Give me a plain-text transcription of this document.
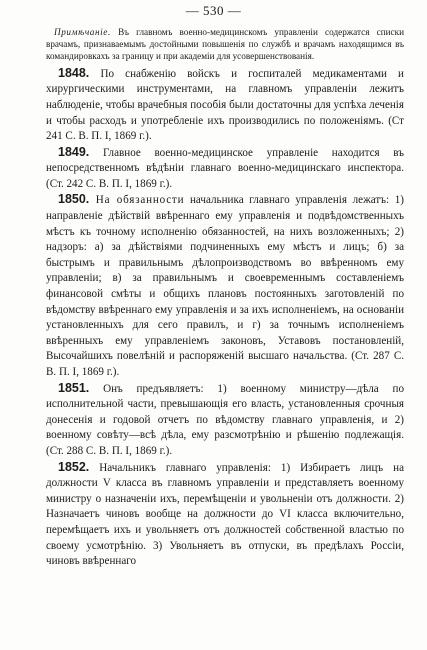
— 530 —

Примѣчаніе. Въ главномъ военно-медицинскомъ управленіи содержатся списки врачамъ, признаваемымъ достойными повышенія по службѣ и врачамъ находящимся въ командировкахъ за границу и при академіи для усовершенствованія.

1848. По снабженію войскъ и госпиталей медикаментами и хирургическими инструментами, на главномъ управленіи лежитъ наблюденіе, чтобы врачебныя пособія были достаточны для успѣха леченія и чтобы расходъ и употребленіе ихъ производились по положеніямъ. (Ст 241 С. В. П. I, 1869 г.).

1849. Главное военно-медицинское управленіе находится въ непосредственномъ вѣдѣніи главнаго военно-медицинскаго инспектора. (Ст. 242 С. В. П. I, 1869 г.).

1850. На обязанности начальника главнаго управленія лежатъ: 1) направленіе дѣйствій ввѣреннаго ему управленія и подвѣдомственныхъ мѣстъ къ точному исполненію обязанностей, на нихъ возложенныхъ; 2) надзоръ: а) за дѣйствіями подчиненныхъ ему мѣстъ и лицъ; б) за быстрымъ и правильнымъ дѣлопроизводствомъ во ввѣренномъ ему управленіи; в) за правильнымъ и своевременнымъ составленіемъ финансовой смѣты и общихъ плановъ постоянныхъ заготовленій по вѣдомству ввѣреннаго ему управленія и за ихъ исполненіемъ, на основаніи установленныхъ для сего правилъ, и г) за точнымъ исполненіемъ ввѣренныхъ ему управленіемъ законовъ, Уставовъ постановленій, Высочайшихъ повелѣній и распоряженій высшаго начальства. (Ст. 287 С. В. П. I, 1869 г.).

1851. Онъ предъявляетъ: 1) военному министру—дѣла по исполнительной части, превышающія его власть, установленныя срочныя донесенія и годовой отчетъ по вѣдомству главнаго управленія, и 2) военному совѣту—всѣ дѣла, ему разсмотрѣнію и рѣшенію подлежащія. (Ст. 288 С. В. П. I, 1869 г.).

1852. Начальникъ главнаго управленія: 1) Избираетъ лицъ на должности V класса въ главномъ управленіи и представляетъ военному министру о назначеніи ихъ, перемѣщеніи и увольненіи отъ должности. 2) Назначаетъ чиновъ вообще на должности до VI класса включительно, перемѣщаетъ ихъ и увольняетъ отъ должностей собственной властью по своему усмотрѣнію. 3) Увольняетъ въ отпуски, въ предѣлахъ Россіи, чиновъ ввѣреннаго
